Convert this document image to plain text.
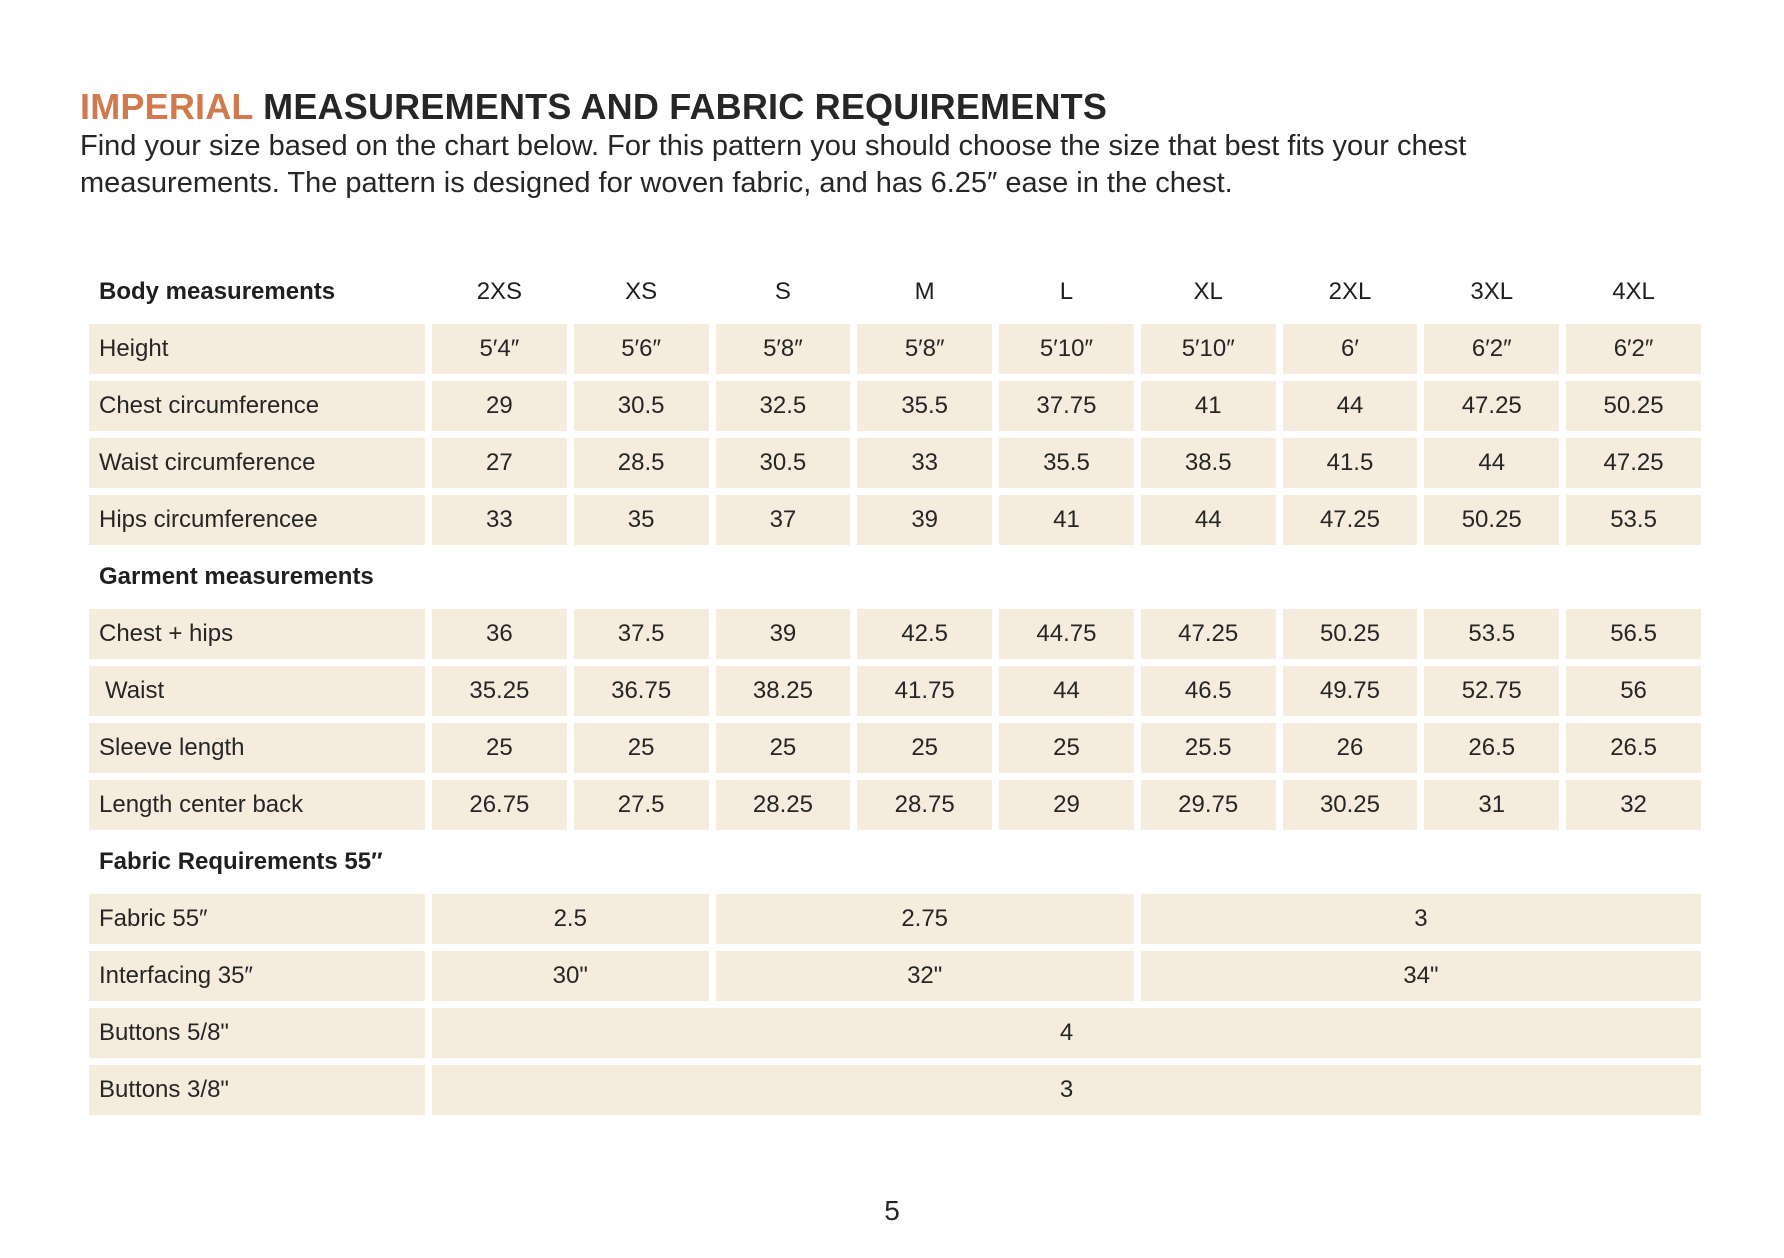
IMPERIAL MEASUREMENTS AND FABRIC REQUIREMENTS

Find your size based on the chart below. For this pattern you should choose the size that best fits your chest measurements. The pattern is designed for woven fabric, and has 6.25″ ease in the chest.

Body measurements	2XS	XS	S	M	L	XL	2XL	3XL	4XL
Height	5′4″	5′6″	5′8″	5′8″	5′10″	5′10″	6′	6′2″	6′2″
Chest circumference	29	30.5	32.5	35.5	37.75	41	44	47.25	50.25
Waist circumference	27	28.5	30.5	33	35.5	38.5	41.5	44	47.25
Hips circumferencee	33	35	37	39	41	44	47.25	50.25	53.5
Garment measurements									
Chest + hips	36	37.5	39	42.5	44.75	47.25	50.25	53.5	56.5
Waist	35.25	36.75	38.25	41.75	44	46.5	49.75	52.75	56
Sleeve length	25	25	25	25	25	25.5	26	26.5	26.5
Length center back	26.75	27.5	28.25	28.75	29	29.75	30.25	31	32
Fabric Requirements 55″									
Fabric 55″	2.5		2.75			3			
Interfacing 35″	30"		32"			34"			
Buttons 5/8"	4								
Buttons 3/8"	3								
5
